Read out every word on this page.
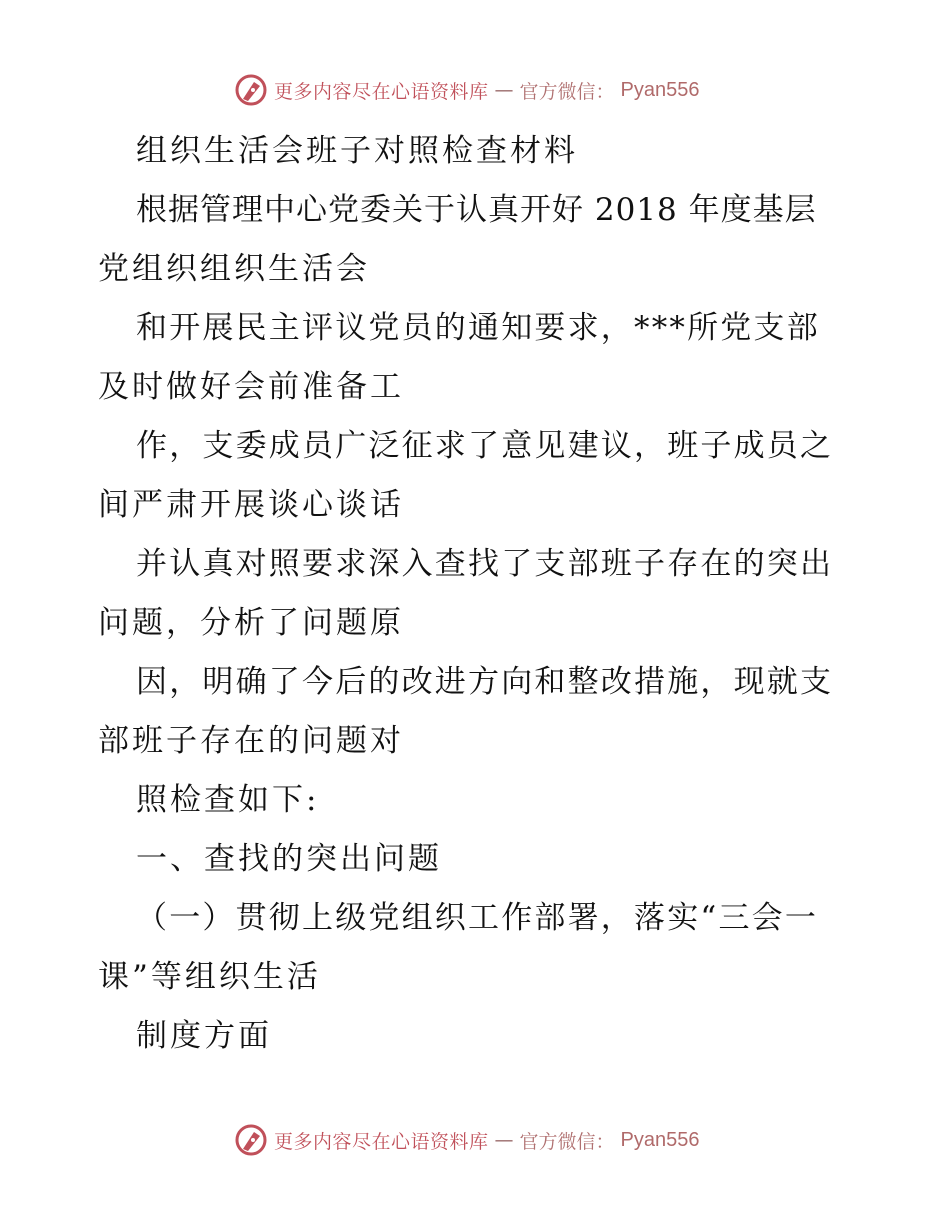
更多内容尽在心语资料库 — 官方微信： Pyan556
组织生活会班子对照检查材料
根据管理中心党委关于认真开好 2018 年度基层
党组织组织生活会
和开展民主评议党员的通知要求，***所党支部
及时做好会前准备工
作，支委成员广泛征求了意见建议，班子成员之
间严肃开展谈心谈话
并认真对照要求深入查找了支部班子存在的突出
问题，分析了问题原
因，明确了今后的改进方向和整改措施，现就支
部班子存在的问题对
照检查如下:
一、查找的突出问题
（一）贯彻上级党组织工作部署，落实“三会一
课”等组织生活
制度方面
更多内容尽在心语资料库 — 官方微信： Pyan556
